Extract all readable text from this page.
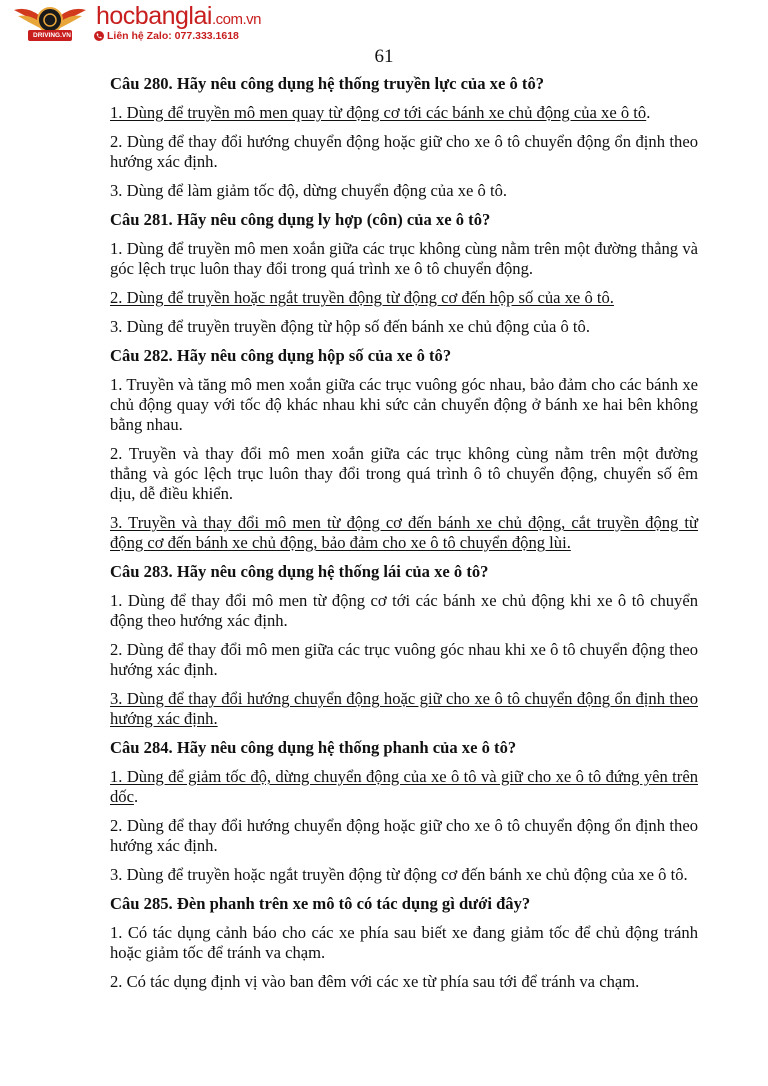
DRIVING.VN
hocbanglai.com.vn
Liên hệ Zalo: 077.333.1618
61

Câu 280. Hãy nêu công dụng hệ thống truyền lực của xe ô tô?

1. Dùng để truyền mô men quay từ động cơ tới các bánh xe chủ động của xe ô tô.

2. Dùng để thay đổi hướng chuyển động hoặc giữ cho xe ô tô chuyển động ổn định theo hướng xác định.

3. Dùng để làm giảm tốc độ, dừng chuyển động của xe ô tô.

Câu 281. Hãy nêu công dụng ly hợp (côn) của xe ô tô?

1. Dùng để truyền mô men xoắn giữa các trục không cùng nằm trên một đường thẳng và góc lệch trục luôn thay đổi trong quá trình xe ô tô chuyển động.

2. Dùng để truyền hoặc ngắt truyền động từ động cơ đến hộp số của xe ô tô.

3. Dùng để truyền truyền động từ hộp số đến bánh xe chủ động của ô tô.

Câu 282. Hãy nêu công dụng hộp số của xe ô tô?

1. Truyền và tăng mô men xoắn giữa các trục vuông góc nhau, bảo đảm cho các bánh xe chủ động quay với tốc độ khác nhau khi sức cản chuyển động ở bánh xe hai bên không bằng nhau.

2. Truyền và thay đổi mô men xoắn giữa các trục không cùng nằm trên một đường thẳng và góc lệch trục luôn thay đổi trong quá trình ô tô chuyển động, chuyển số êm dịu, dễ điều khiển.

3. Truyền và thay đổi mô men từ động cơ đến bánh xe chủ động, cắt truyền động từ động cơ đến bánh xe chủ động, bảo đảm cho xe ô tô chuyển động lùi.

Câu 283. Hãy nêu công dụng hệ thống lái của xe ô tô?

1. Dùng để thay đổi mô men từ động cơ tới các bánh xe chủ động khi xe ô tô chuyển động theo hướng xác định.

2. Dùng để thay đổi mô men giữa các trục vuông góc nhau khi xe ô tô chuyển động theo hướng xác định.

3. Dùng để thay đổi hướng chuyển động hoặc giữ cho xe ô tô chuyển động ổn định theo hướng xác định.

Câu 284. Hãy nêu công dụng hệ thống phanh của xe ô tô?

1. Dùng để giảm tốc độ, dừng chuyển động của xe ô tô và giữ cho xe ô tô đứng yên trên dốc.

2. Dùng để thay đổi hướng chuyển động hoặc giữ cho xe ô tô chuyển động ổn định theo hướng xác định.

3. Dùng để truyền hoặc ngắt truyền động từ động cơ đến bánh xe chủ động của xe ô tô.

Câu 285. Đèn phanh trên xe mô tô có tác dụng gì dưới đây?

1. Có tác dụng cảnh báo cho các xe phía sau biết xe đang giảm tốc để chủ động tránh hoặc giảm tốc để tránh va chạm.

2. Có tác dụng định vị vào ban đêm với các xe từ phía sau tới để tránh va chạm.
